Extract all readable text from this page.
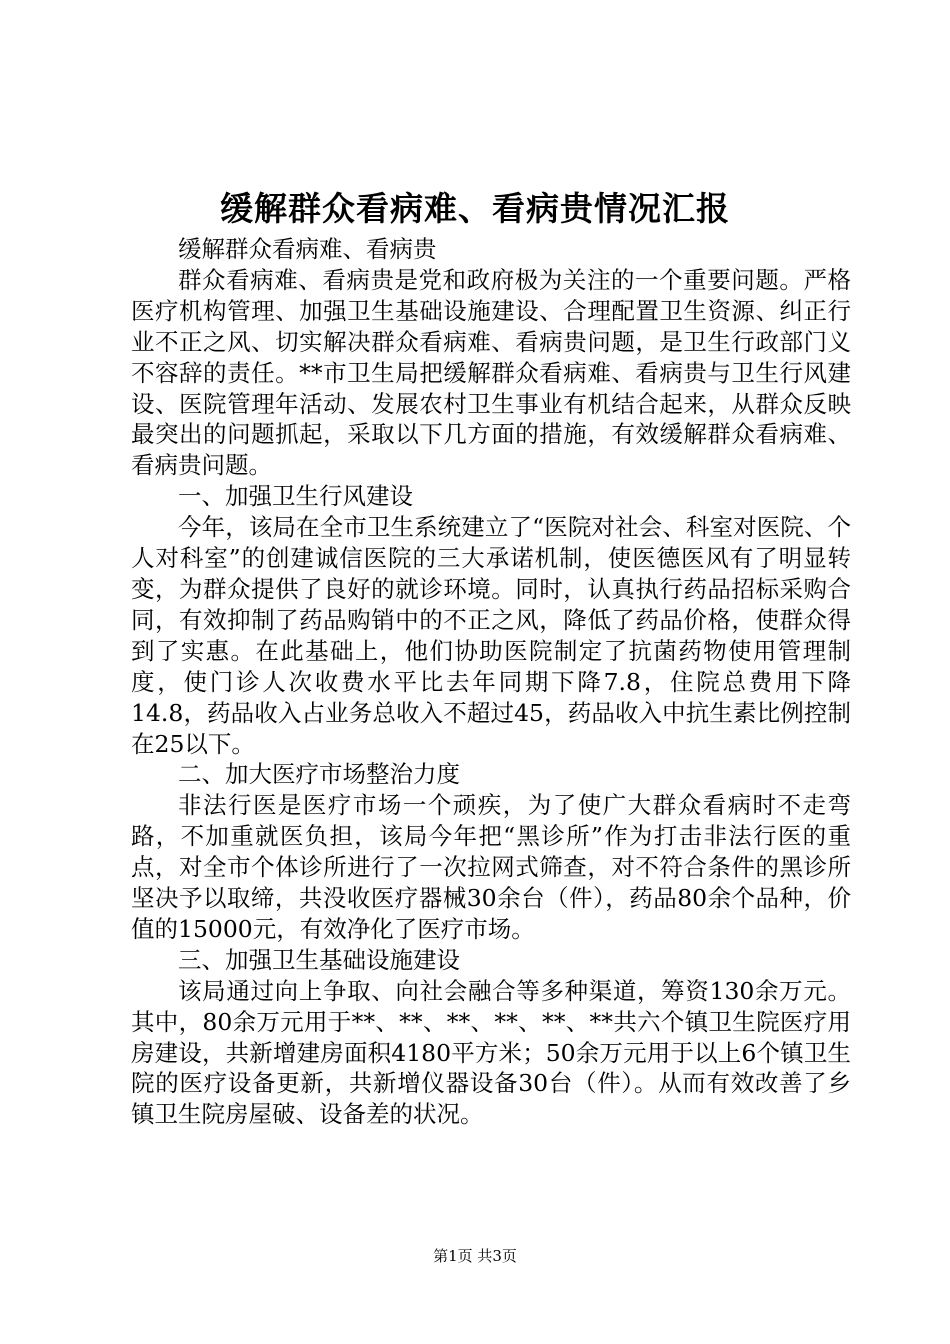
缓解群众看病难、看病贵情况汇报

缓解群众看病难、看病贵

群众看病难、看病贵是党和政府极为关注的一个重要问题。严格医疗机构管理、加强卫生基础设施建设、合理配置卫生资源、纠正行业不正之风、切实解决群众看病难、看病贵问题，是卫生行政部门义不容辞的责任。**市卫生局把缓解群众看病难、看病贵与卫生行风建设、医院管理年活动、发展农村卫生事业有机结合起来，从群众反映最突出的问题抓起，采取以下几方面的措施，有效缓解群众看病难、看病贵问题。

一、加强卫生行风建设

今年，该局在全市卫生系统建立了“医院对社会、科室对医院、个人对科室”的创建诚信医院的三大承诺机制，使医德医风有了明显转变，为群众提供了良好的就诊环境。同时，认真执行药品招标采购合同，有效抑制了药品购销中的不正之风，降低了药品价格，使群众得到了实惠。在此基础上，他们协助医院制定了抗菌药物使用管理制度，使门诊人次收费水平比去年同期下降7.8，住院总费用下降14.8，药品收入占业务总收入不超过45，药品收入中抗生素比例控制在25以下。

二、加大医疗市场整治力度

非法行医是医疗市场一个顽疾，为了使广大群众看病时不走弯路，不加重就医负担，该局今年把“黑诊所”作为打击非法行医的重点，对全市个体诊所进行了一次拉网式筛查，对不符合条件的黑诊所坚决予以取缔，共没收医疗器械30余台（件），药品80余个品种，价值的15000元，有效净化了医疗市场。

三、加强卫生基础设施建设

该局通过向上争取、向社会融合等多种渠道，筹资130余万元。其中，80余万元用于**、**、**、**、**、**共六个镇卫生院医疗用房建设，共新增建房面积4180平方米；50余万元用于以上6个镇卫生院的医疗设备更新，共新增仪器设备30台（件）。从而有效改善了乡镇卫生院房屋破、设备差的状况。

第1页 共3页
